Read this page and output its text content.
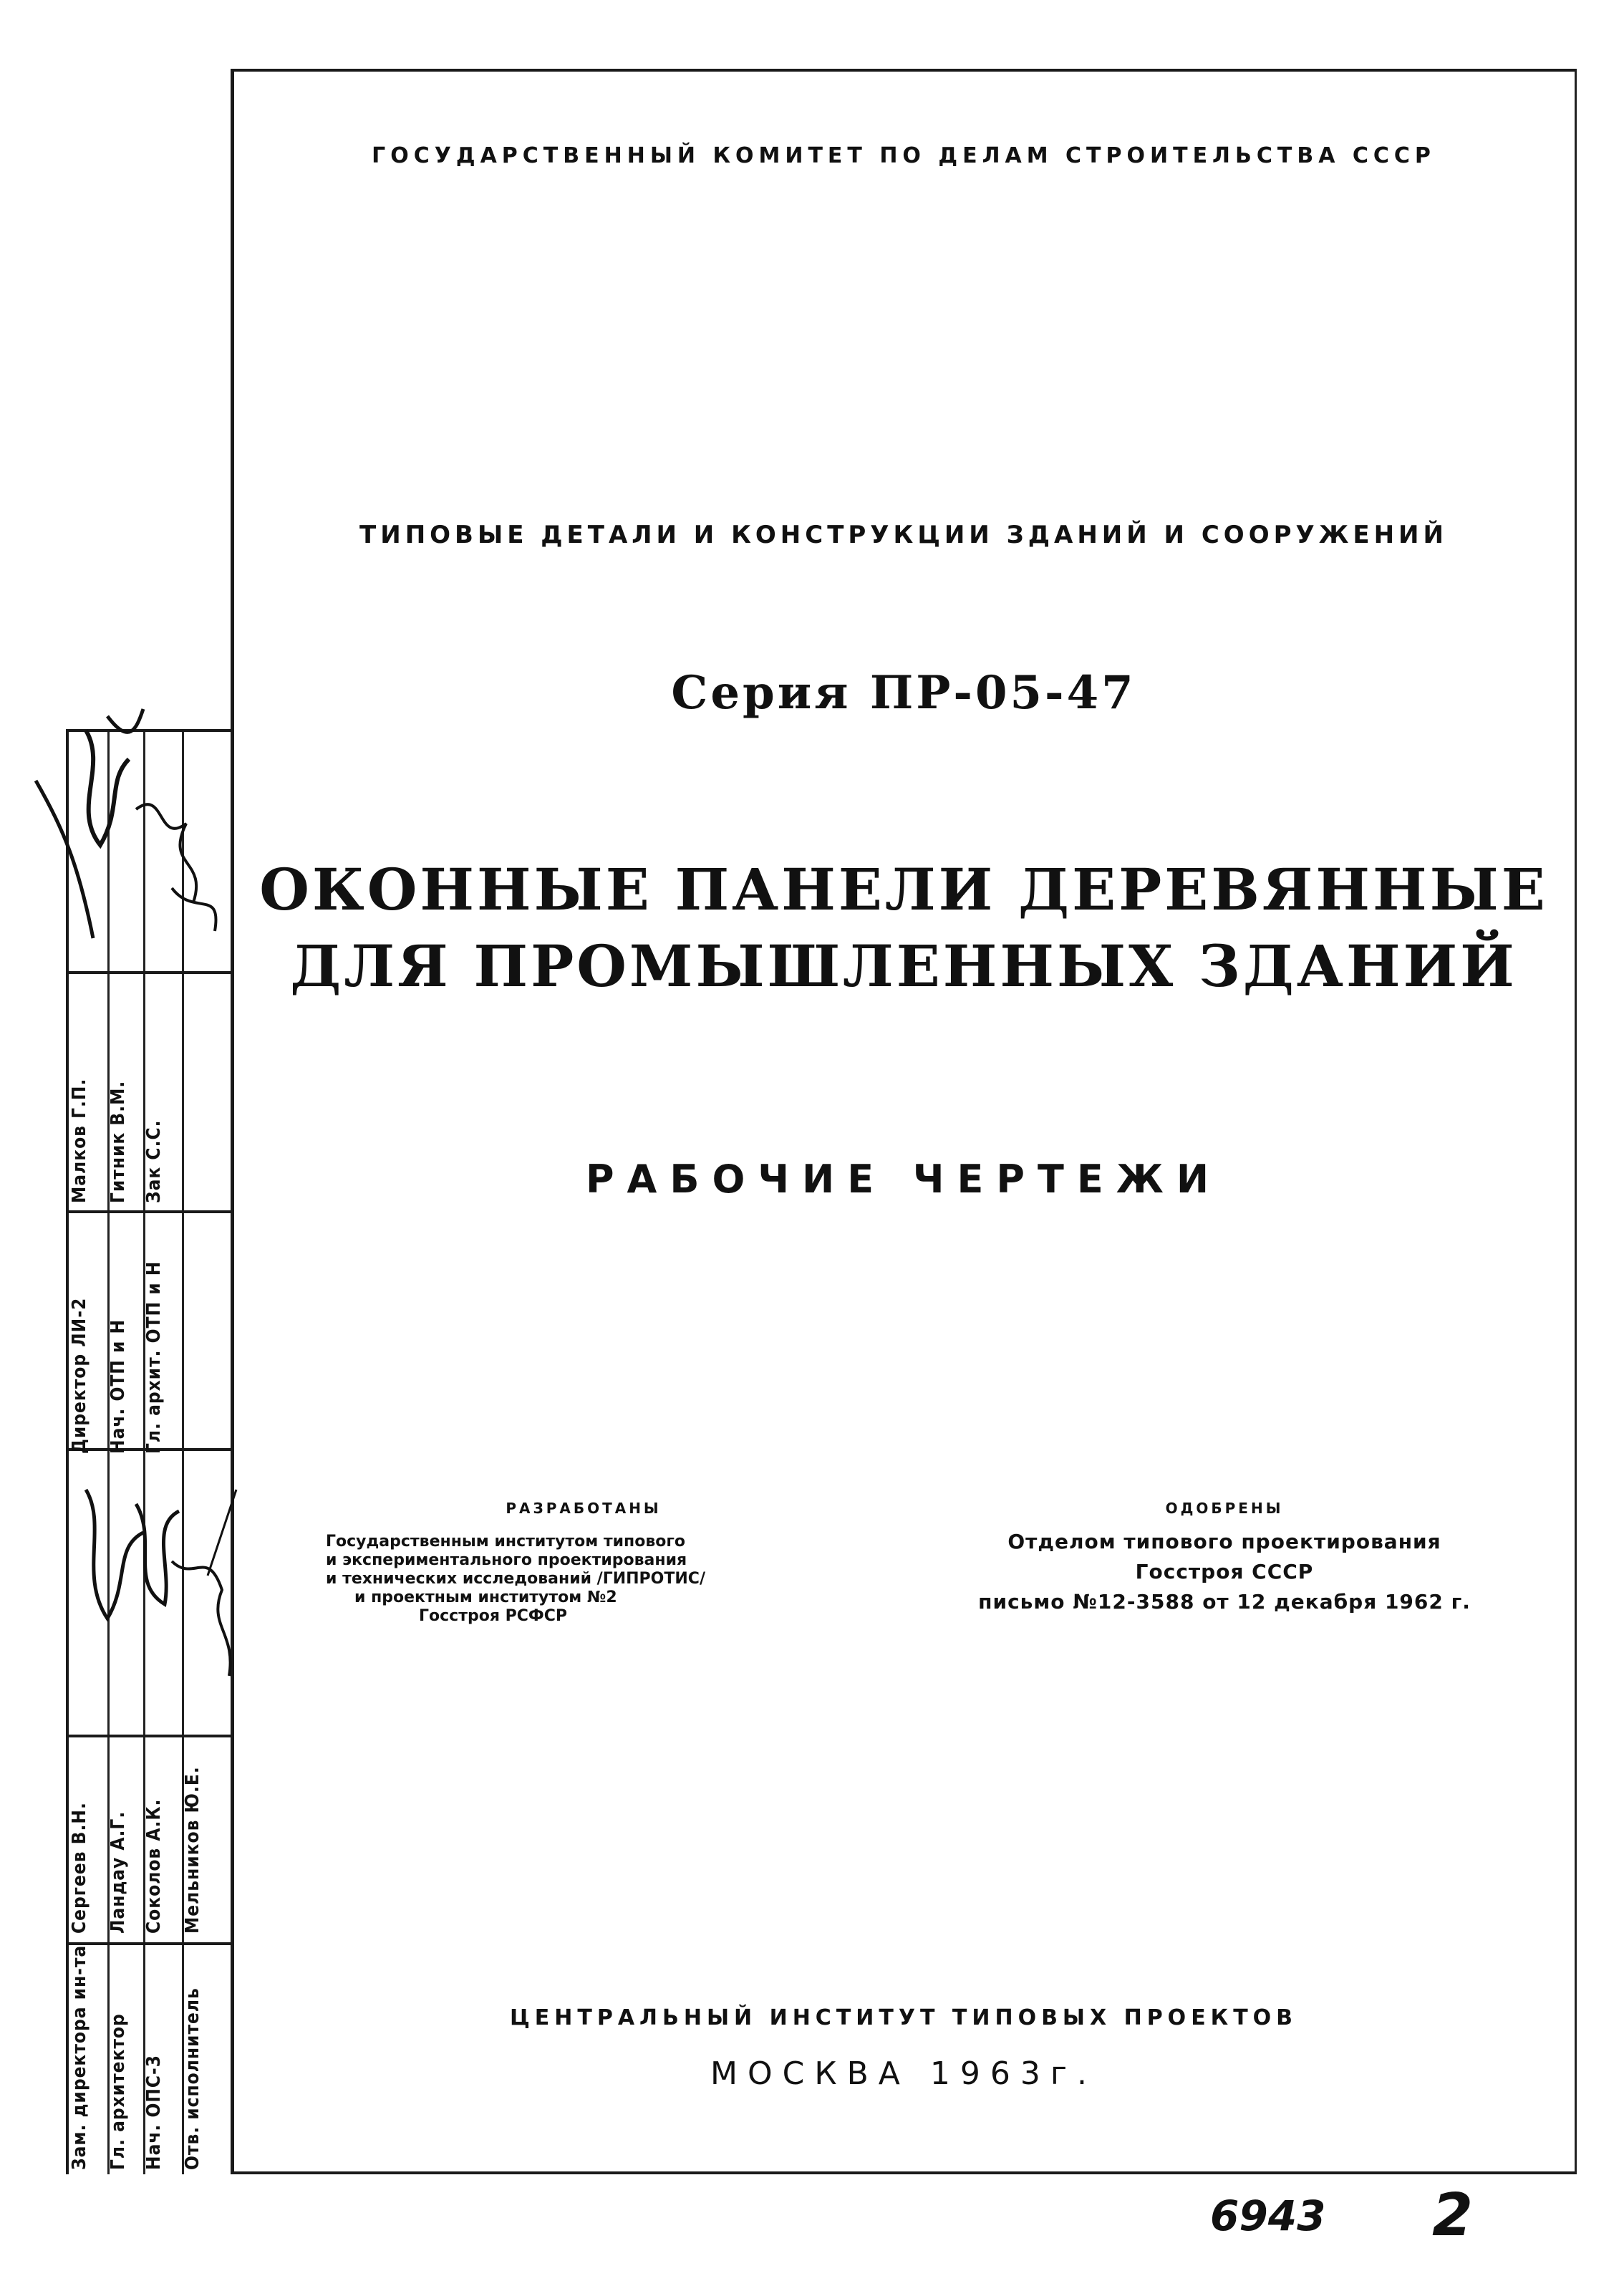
Директор ЛИ-2 Нач. ОТП и Н Гл. архит. ОТП и Н
Малков Г.П. Гитник В.М. Зак С.С.
Зам. директора ин-та Гл. архитектор Нач. ОПС-3 Отв. исполнитель
Сергеев В.Н. Ландау А.Г. Соколов А.К. Мельников Ю.Е.
ГОСУДАРСТВЕННЫЙ КОМИТЕТ ПО ДЕЛАМ СТРОИТЕЛЬСТВА СССР
ТИПОВЫЕ ДЕТАЛИ И КОНСТРУКЦИИ ЗДАНИЙ И СООРУЖЕНИЙ
Серия ПР-05-47
ОКОННЫЕ ПАНЕЛИ ДЕРЕВЯННЫЕ
ДЛЯ ПРОМЫШЛЕННЫХ ЗДАНИЙ
РАБОЧИЕ ЧЕРТЕЖИ
РАЗРАБОТАНЫ
Государственным институтом типового
и экспериментального проектирования
и технических исследований /ГИПРОТИС/
и проектным институтом №2
Госстроя РСФСР
ОДОБРЕНЫ
Отделом типового проектирования
Госстроя СССР
письмо №12-3588 от 12 декабря 1962 г.
ЦЕНТРАЛЬНЫЙ ИНСТИТУТ ТИПОВЫХ ПРОЕКТОВ
МОСКВА 1963г.
6943 2
